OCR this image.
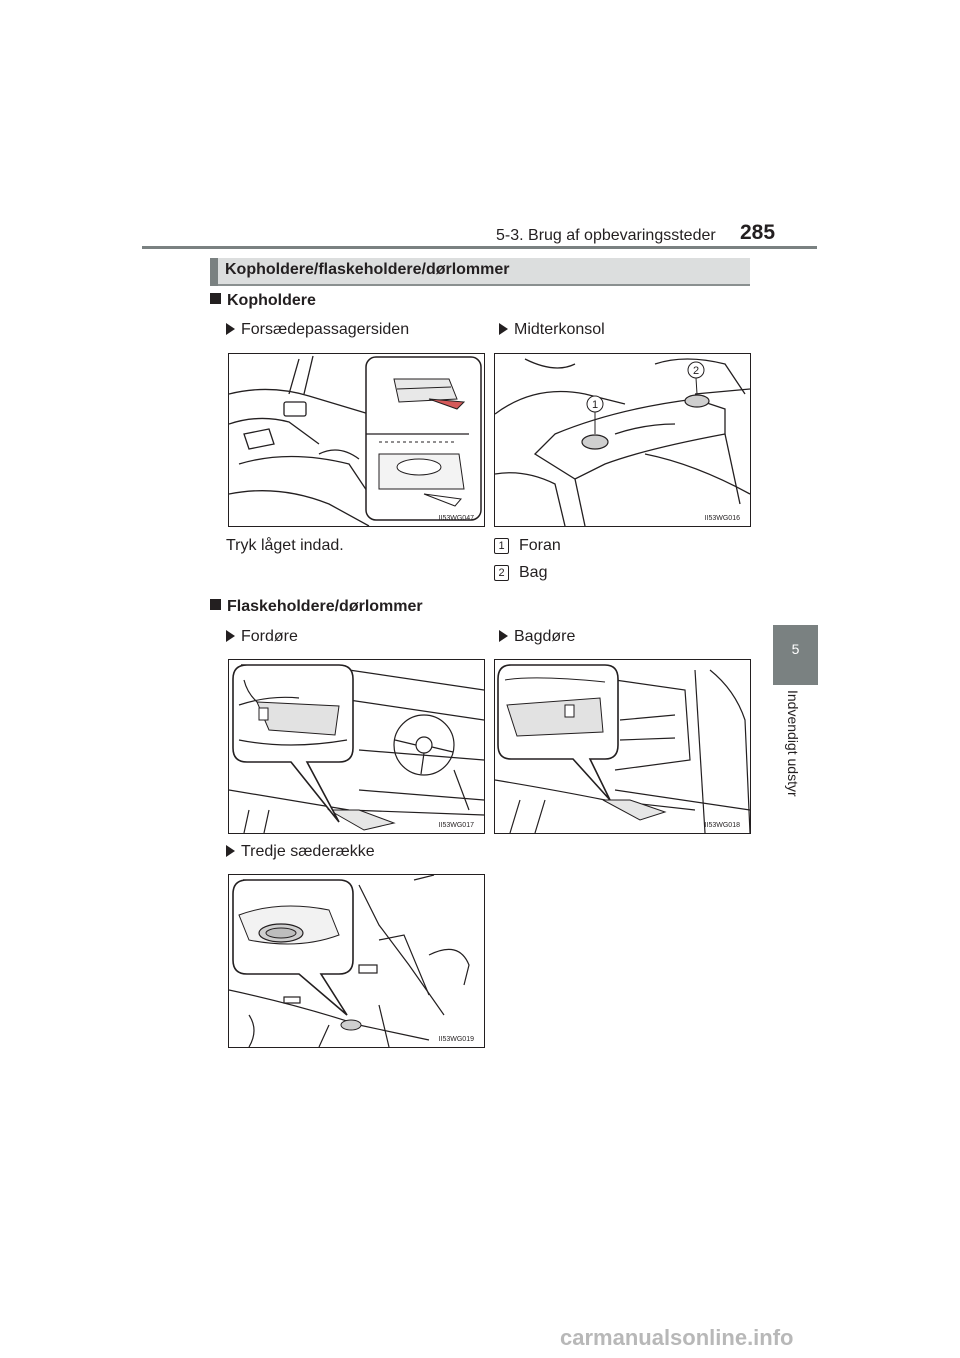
5-3. Brug af opbevaringssteder 285
5
Indvendigt udstyr
Kopholdere/flaskeholdere/dørlommer
Kopholdere
Forsædepassagersiden	Midterkonsol
II53WG047
1
2
II53WG016
Tryk låget indad.	1 Foran
2 Bag
Flaskeholdere/dørlommer
Fordøre	Bagdøre
II53WG017	II53WG018
Tredje sæderække
II53WG019
carmanualsonline.info
